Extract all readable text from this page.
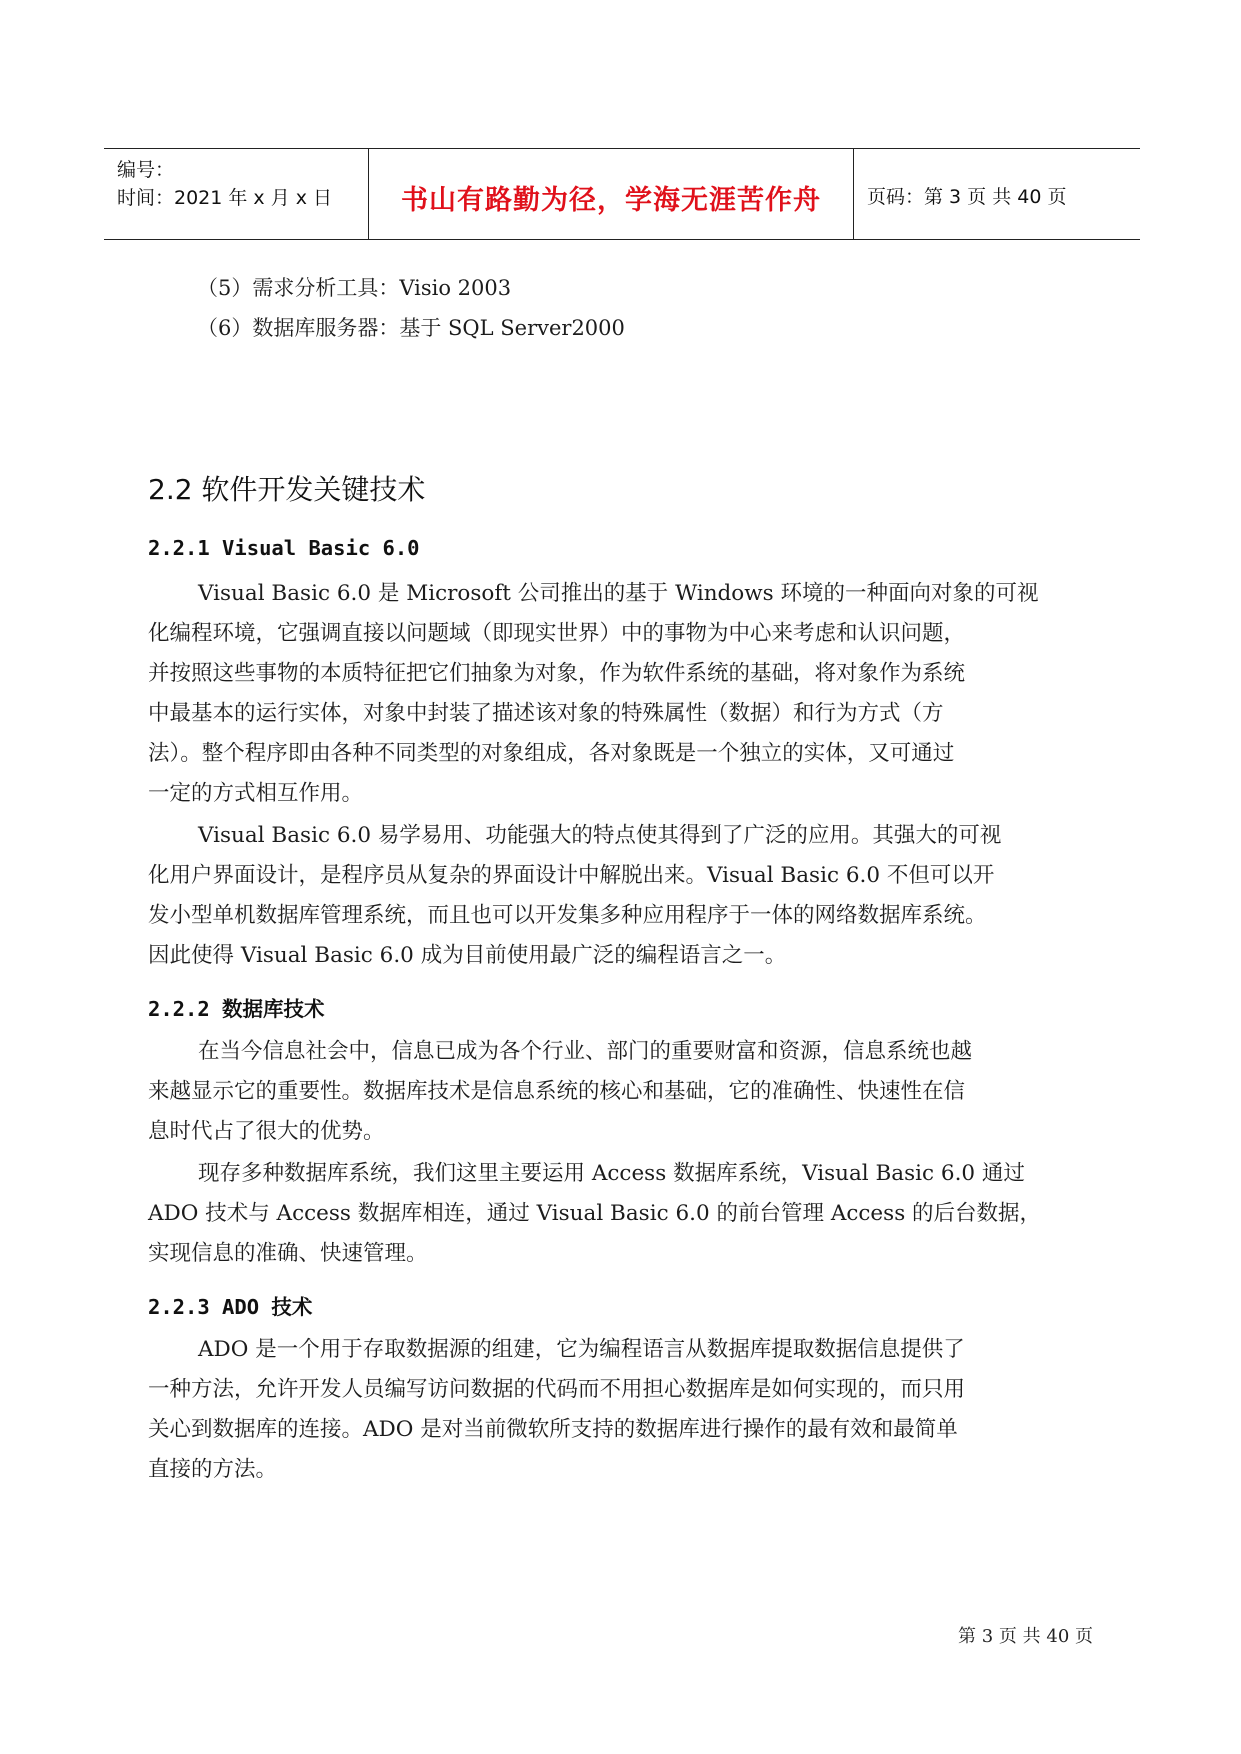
编号：
时间：2021 年 x 月 x 日	书山有路勤为径，学海无涯苦作舟	页码：第 3 页 共 40 页
（5）需求分析工具：Visio 2003
（6）数据库服务器：基于 SQL Server2000
2.2 软件开发关键技术
2.2.1 Visual Basic 6.0
Visual Basic 6.0 是 Microsoft 公司推出的基于 Windows 环境的一种面向对象的可视
化编程环境，它强调直接以问题域（即现实世界）中的事物为中心来考虑和认识问题，
并按照这些事物的本质特征把它们抽象为对象，作为软件系统的基础，将对象作为系统
中最基本的运行实体，对象中封装了描述该对象的特殊属性（数据）和行为方式（方
法）。整个程序即由各种不同类型的对象组成，各对象既是一个独立的实体，又可通过
一定的方式相互作用。
Visual Basic 6.0 易学易用、功能强大的特点使其得到了广泛的应用。其强大的可视
化用户界面设计，是程序员从复杂的界面设计中解脱出来。Visual Basic 6.0 不但可以开
发小型单机数据库管理系统，而且也可以开发集多种应用程序于一体的网络数据库系统。
因此使得 Visual Basic 6.0 成为目前使用最广泛的编程语言之一。
2.2.2 数据库技术
在当今信息社会中，信息已成为各个行业、部门的重要财富和资源，信息系统也越
来越显示它的重要性。数据库技术是信息系统的核心和基础，它的准确性、快速性在信
息时代占了很大的优势。
现存多种数据库系统，我们这里主要运用 Access 数据库系统，Visual Basic 6.0 通过
ADO 技术与 Access 数据库相连，通过 Visual Basic 6.0 的前台管理 Access 的后台数据，
实现信息的准确、快速管理。
2.2.3 ADO 技术
ADO 是一个用于存取数据源的组建，它为编程语言从数据库提取数据信息提供了
一种方法，允许开发人员编写访问数据的代码而不用担心数据库是如何实现的，而只用
关心到数据库的连接。ADO 是对当前微软所支持的数据库进行操作的最有效和最简单
直接的方法。
第 3 页 共 40 页
